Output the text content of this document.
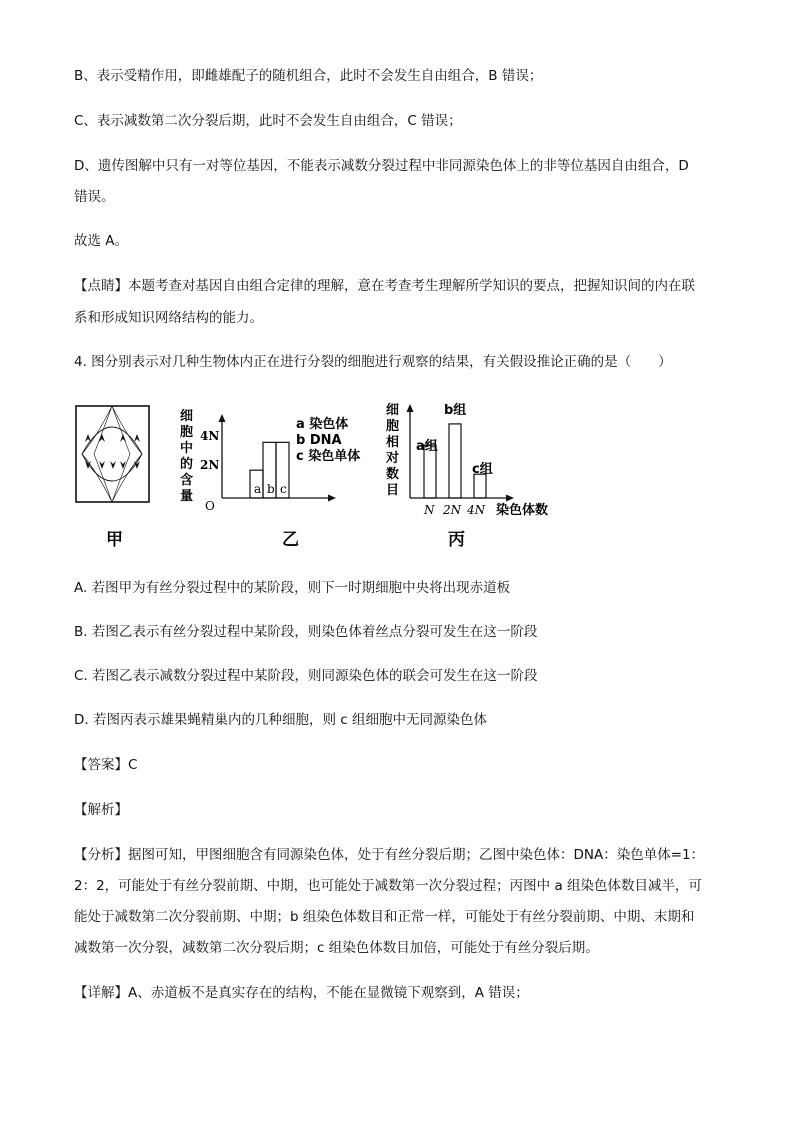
B、表示受精作用，即雌雄配子的随机组合，此时不会发生自由组合，B 错误；
C、表示减数第二次分裂后期，此时不会发生自由组合，C 错误；
D、遗传图解中只有一对等位基因，不能表示减数分裂过程中非同源染色体上的非等位基因自由组合，D
错误。
故选 A。
【点睛】本题考查对基因自由组合定律的理解，意在考查考生理解所学知识的要点，把握知识间的内在联
系和形成知识网络结构的能力。
4. 图分别表示对几种生物体内正在进行分裂的细胞进行观察的结果，有关假设推论正确的是（　　）
甲
细
胞
中
的
含
量
4N
2N
O
a b c
a 染色体
b DNA
c 染色单体
乙
细
胞
相
对
数
目
a组
b组
c组
N 2N 4N 染色体数
丙
A. 若图甲为有丝分裂过程中的某阶段，则下一时期细胞中央将出现赤道板
B. 若图乙表示有丝分裂过程中某阶段，则染色体着丝点分裂可发生在这一阶段
C. 若图乙表示减数分裂过程中某阶段，则同源染色体的联会可发生在这一阶段
D. 若图丙表示雄果蝇精巢内的几种细胞，则 c 组细胞中无同源染色体
【答案】C
【解析】
【分析】据图可知，甲图细胞含有同源染色体，处于有丝分裂后期；乙图中染色体：DNA：染色单体=1：
2：2，可能处于有丝分裂前期、中期，也可能处于减数第一次分裂过程；丙图中 a 组染色体数目减半，可
能处于减数第二次分裂前期、中期；b 组染色体数目和正常一样，可能处于有丝分裂前期、中期、末期和
减数第一次分裂，减数第二次分裂后期；c 组染色体数目加倍，可能处于有丝分裂后期。
【详解】A、赤道板不是真实存在的结构，不能在显微镜下观察到，A 错误；
